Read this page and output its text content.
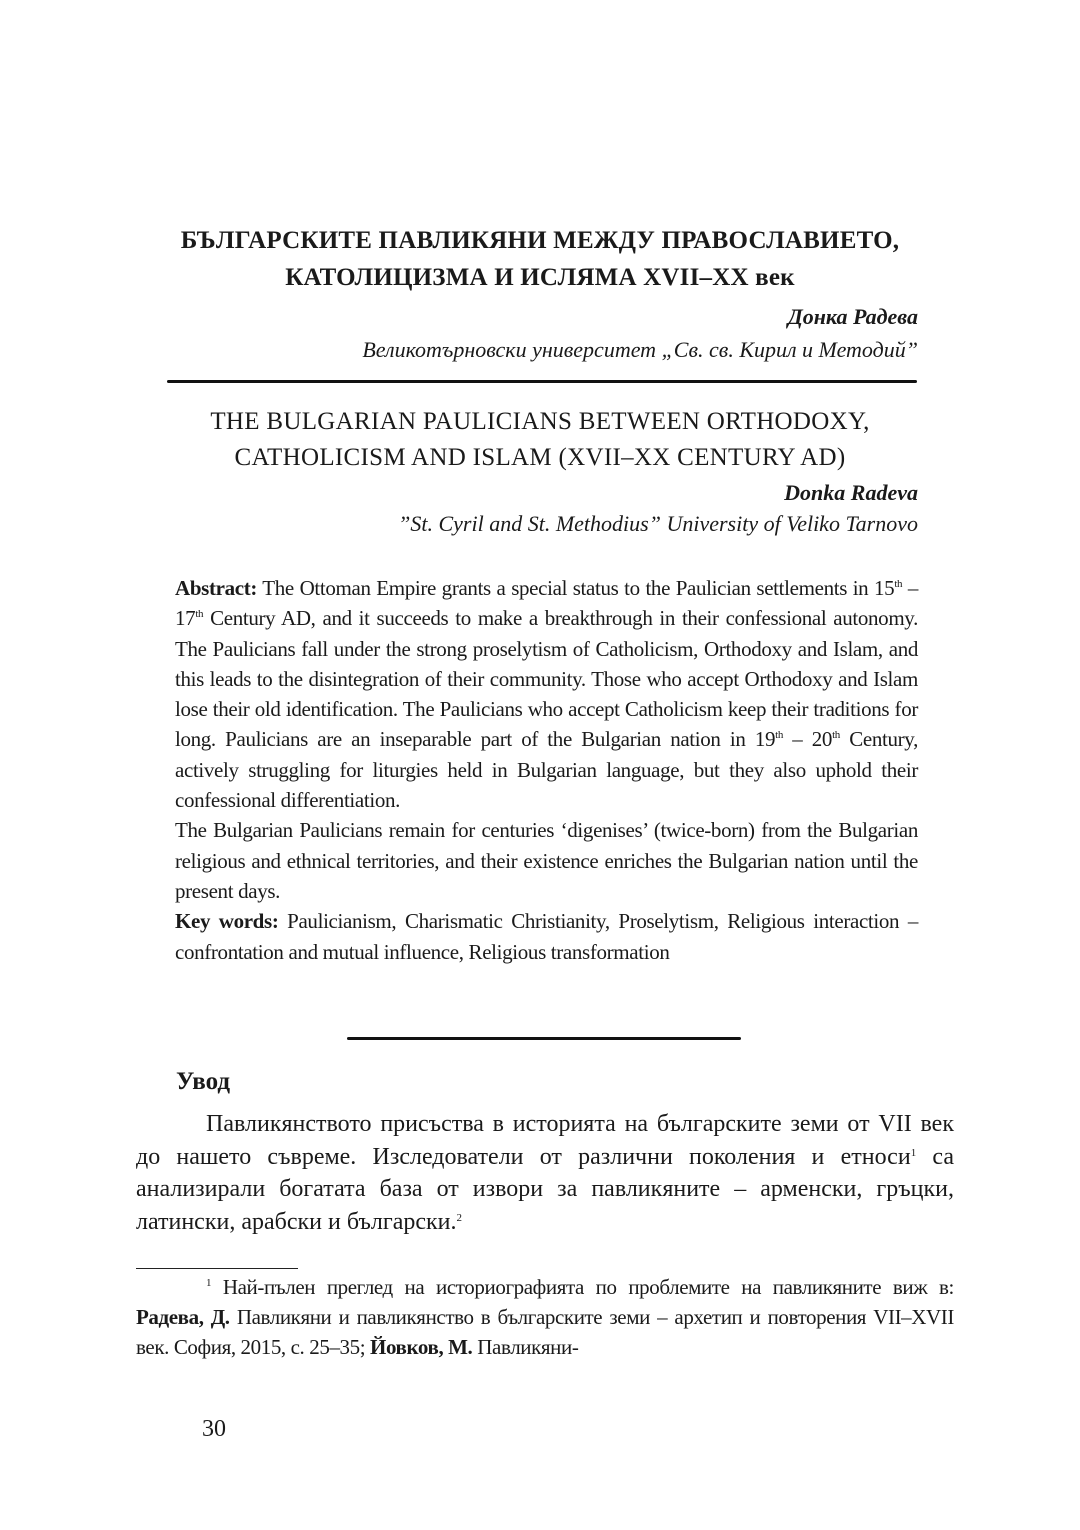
БЪЛГАРСКИТЕ ПАВЛИКЯНИ МЕЖДУ ПРАВОСЛАВИЕТО,
КАТОЛИЦИЗМА И ИСЛЯМА XVII–XX век
Донка Радева
Великотърновски университет „Св. св. Кирил и Методий”
THE BULGARIAN PAULICIANS BETWEEN ORTHODOXY,
CATHOLICISM AND ISLAM (XVII–XX CENTURY AD)
Donka Radeva
”St. Cyril and St. Methodius” University of Veliko Tarnovo

Abstract: The Ottoman Empire grants a special status to the Paulician settlements in 15th – 17th Century AD, and it succeeds to make a breakthrough in their confessional autonomy. The Paulicians fall under the strong proselytism of Catholicism, Orthodoxy and Islam, and this leads to the disintegration of their community. Those who accept Orthodoxy and Islam lose their old identification. The Paulicians who accept Catholicism keep their traditions for long. Paulicians are an inseparable part of the Bulgarian nation in 19th – 20th Century, actively struggling for liturgies held in Bulgarian language, but they also uphold their confessional differentiation.

The Bulgarian Paulicians remain for centuries ‘digenises’ (twice-born) from the Bulgarian religious and ethnical territories, and their existence enriches the Bulgarian nation until the present days.

Key words: Paulicianism, Charismatic Christianity, Proselytism, Religious interaction – confrontation and mutual influence, Religious transformation

Увод

Павликянството присъства в историята на българските земи от VII век до нашето съвреме. Изследователи от различни поколения и етноси$^1$ са анализирали богатата база от извори за павликяните – арменски, гръцки, латински, арабски и български.$^2$

$^1$ Най-пълен преглед на историографията по проблемите на павликяните виж в: Радева, Д. Павликяни и павликянство в българските земи – архетип и повторения VII–XVII век. София, 2015, с. 25–35; Йовков, М. Павликяни-

30
